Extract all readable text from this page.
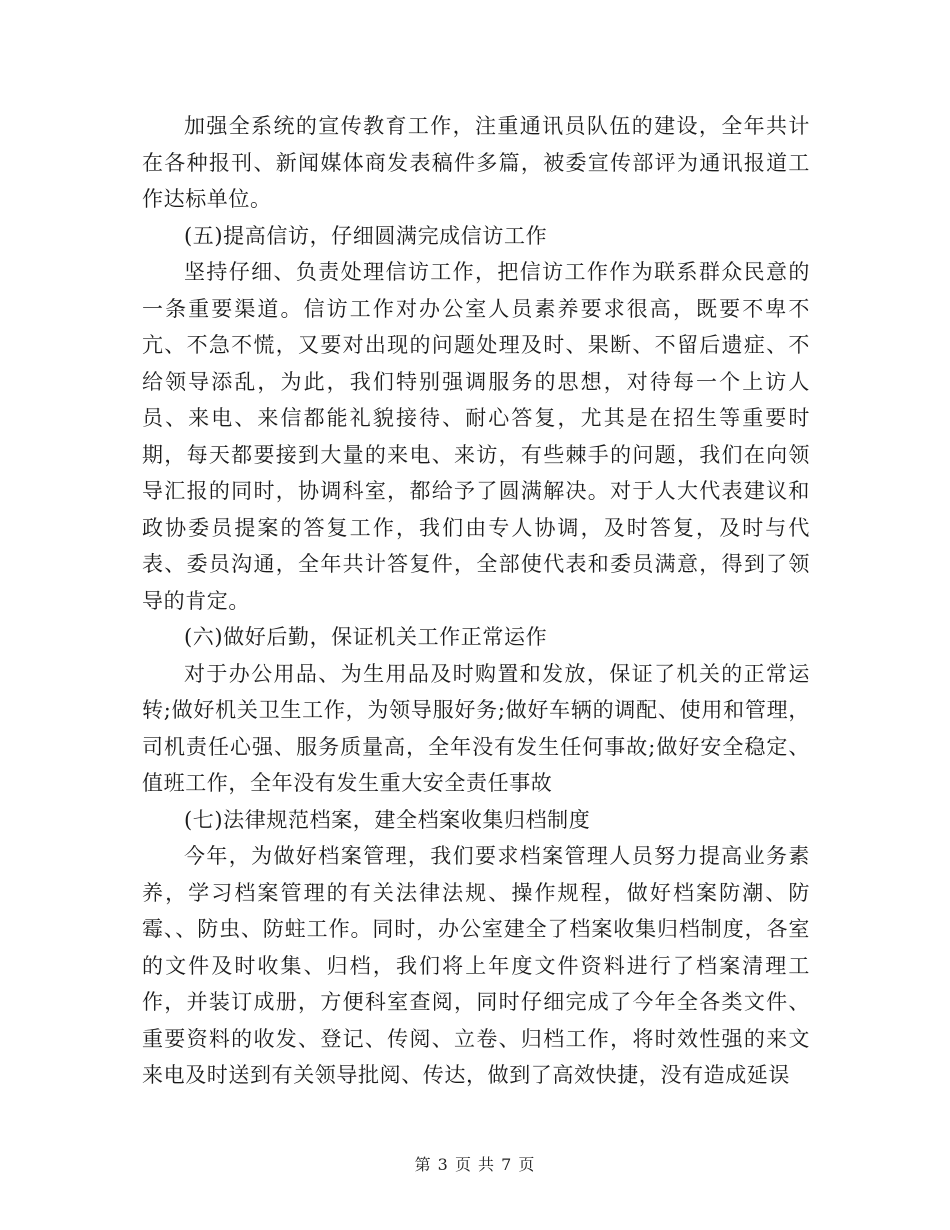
加强全系统的宣传教育工作，注重通讯员队伍的建设，全年共计在各种报刊、新闻媒体商发表稿件多篇，被委宣传部评为通讯报道工作达标单位。

(五)提高信访，仔细圆满完成信访工作

坚持仔细、负责处理信访工作，把信访工作作为联系群众民意的一条重要渠道。信访工作对办公室人员素养要求很高，既要不卑不亢、不急不慌，又要对出现的问题处理及时、果断、不留后遗症、不给领导添乱，为此，我们特别强调服务的思想，对待每一个上访人员、来电、来信都能礼貌接待、耐心答复，尤其是在招生等重要时期，每天都要接到大量的来电、来访，有些棘手的问题，我们在向领导汇报的同时，协调科室，都给予了圆满解决。对于人大代表建议和政协委员提案的答复工作，我们由专人协调，及时答复，及时与代表、委员沟通，全年共计答复件，全部使代表和委员满意，得到了领导的肯定。

(六)做好后勤，保证机关工作正常运作

对于办公用品、为生用品及时购置和发放，保证了机关的正常运转;做好机关卫生工作，为领导服好务;做好车辆的调配、使用和管理，司机责任心强、服务质量高，全年没有发生任何事故;做好安全稳定、值班工作，全年没有发生重大安全责任事故

(七)法律规范档案，建全档案收集归档制度

今年，为做好档案管理，我们要求档案管理人员努力提高业务素养，学习档案管理的有关法律法规、操作规程，做好档案防潮、防霉、、防虫、防蛀工作。同时，办公室建全了档案收集归档制度，各室的文件及时收集、归档，我们将上年度文件资料进行了档案清理工作，并装订成册，方便科室查阅，同时仔细完成了今年全各类文件、重要资料的收发、登记、传阅、立卷、归档工作，将时效性强的来文来电及时送到有关领导批阅、传达，做到了高效快捷，没有造成延误

第 3 页 共 7 页
